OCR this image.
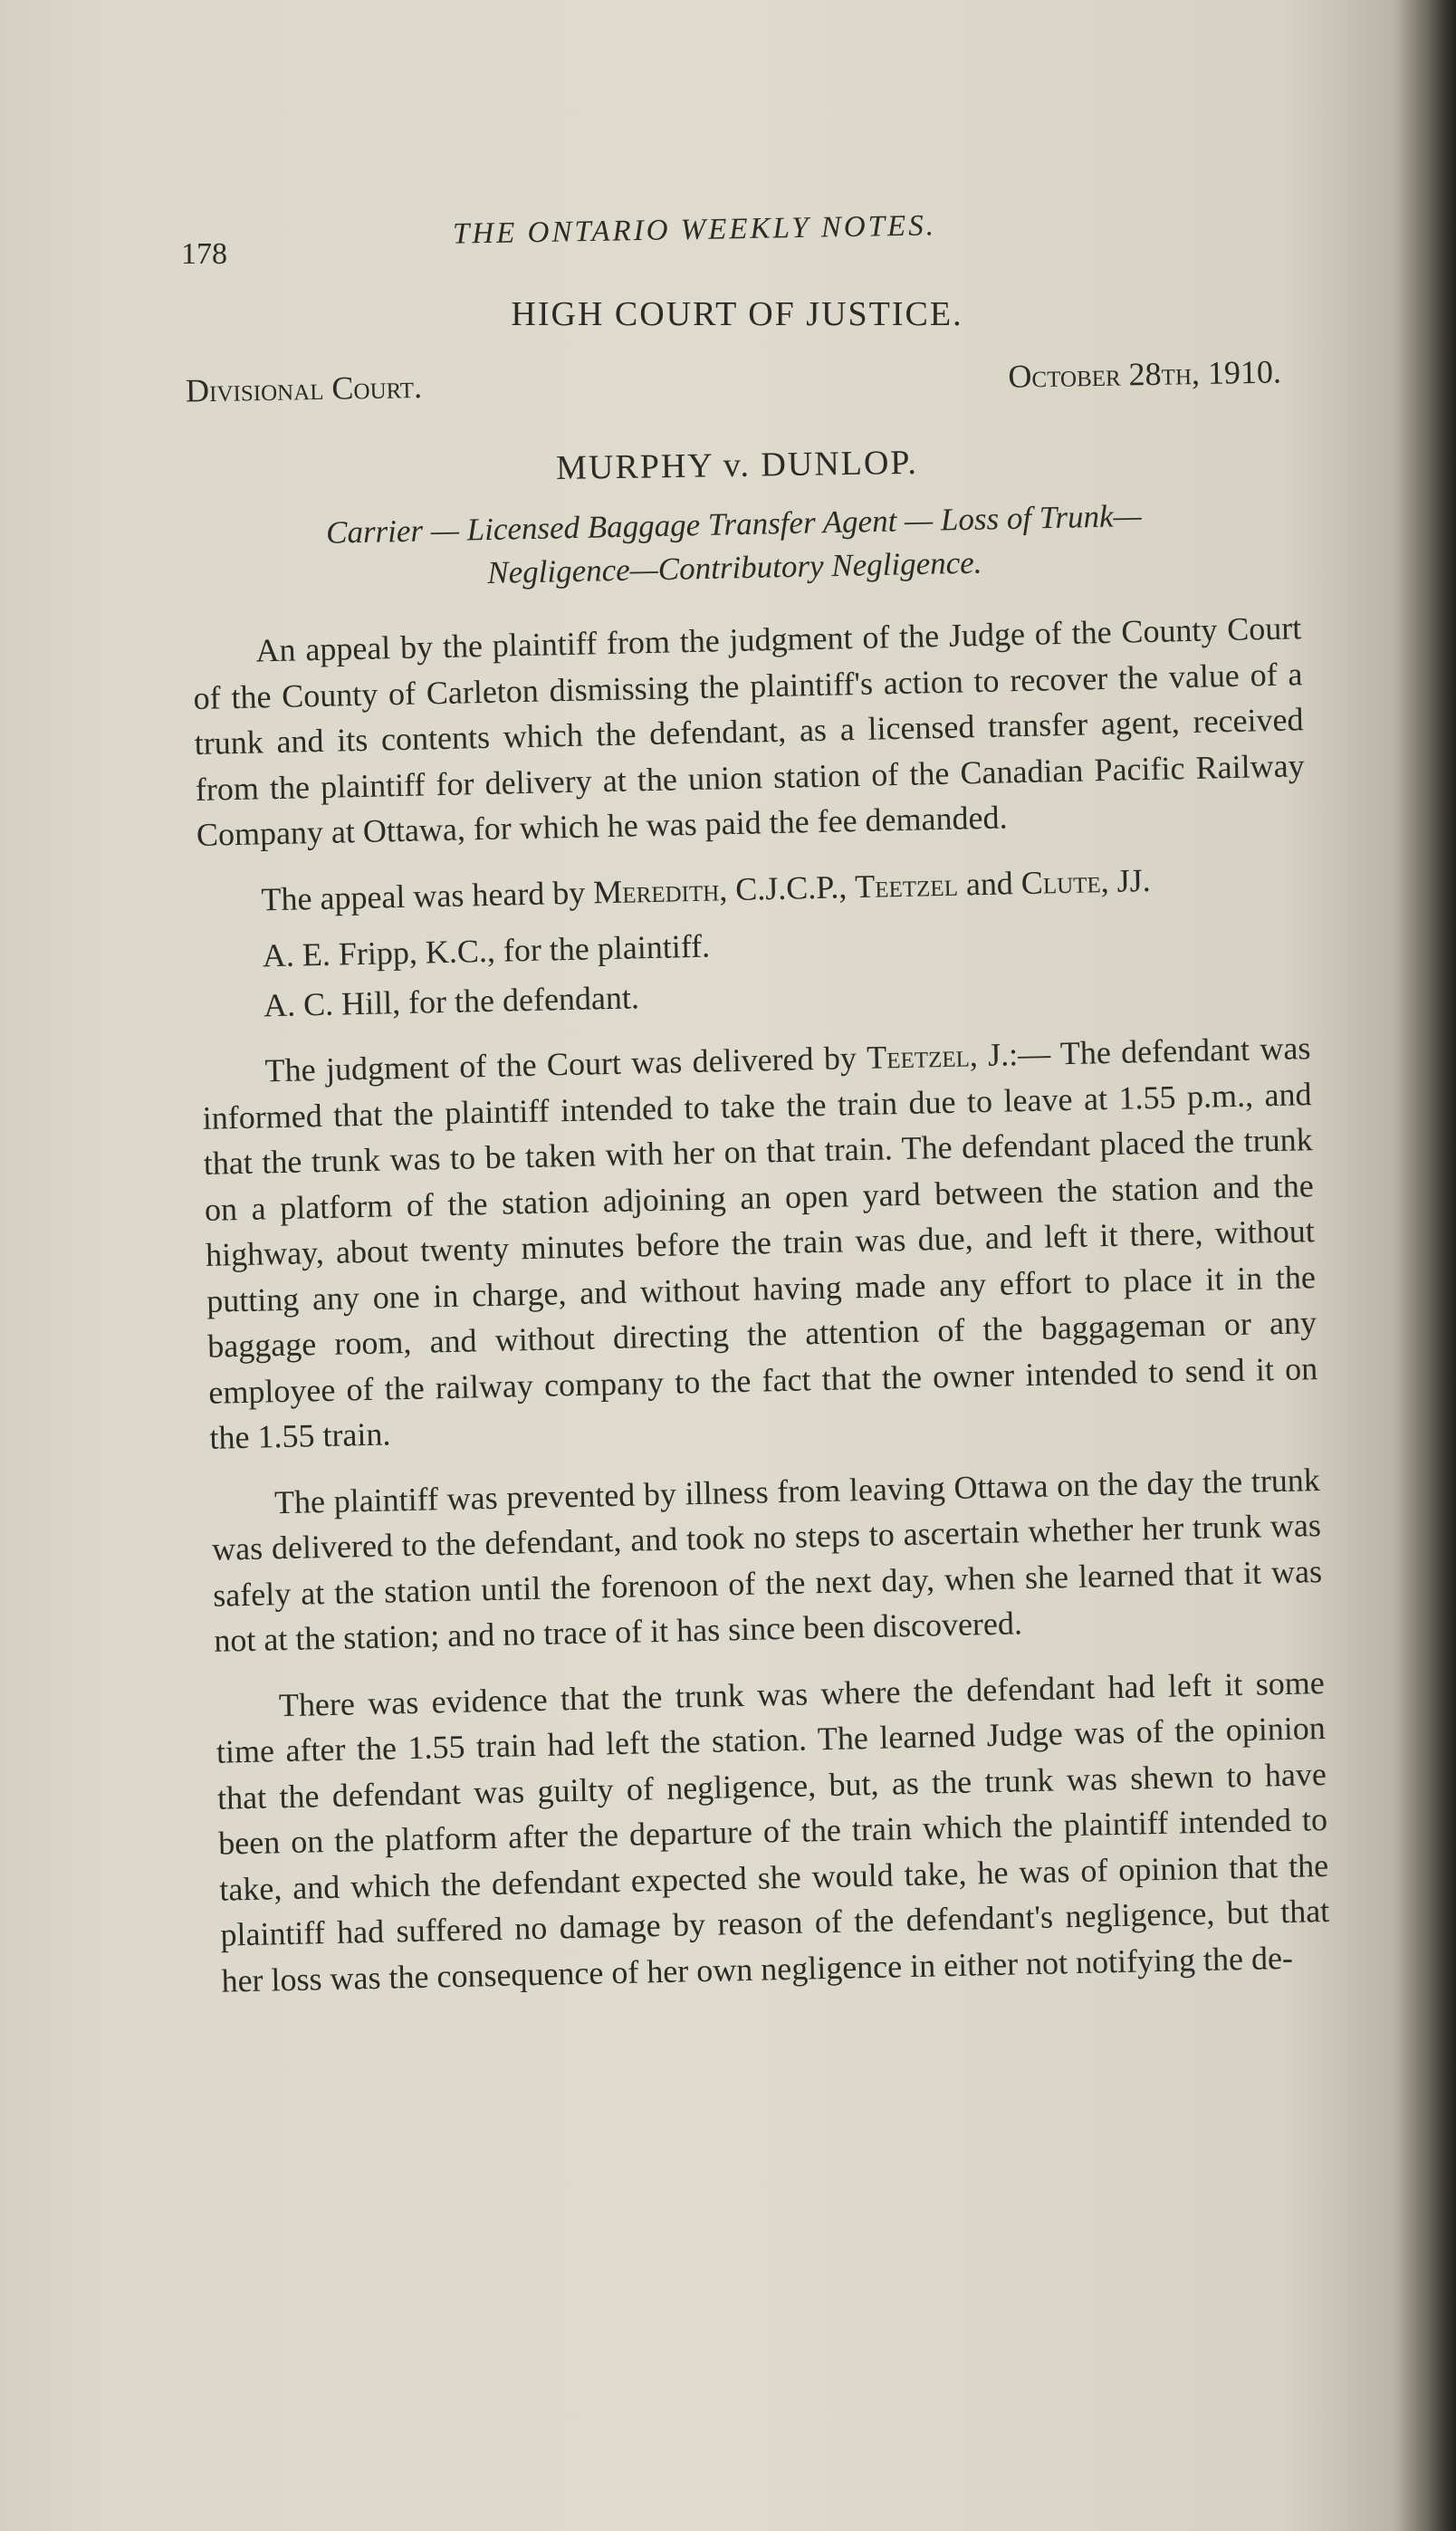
178
THE ONTARIO WEEKLY NOTES.
HIGH COURT OF JUSTICE.
Divisional Court.	October 28th, 1910.
MURPHY v. DUNLOP.
Carrier — Licensed Baggage Transfer Agent — Loss of Trunk—
Negligence—Contributory Negligence.

An appeal by the plaintiff from the judgment of the Judge of the County Court of the County of Carleton dismissing the plaintiff's action to recover the value of a trunk and its contents which the defendant, as a licensed transfer agent, received from the plaintiff for delivery at the union station of the Canadian Pacific Railway Company at Ottawa, for which he was paid the fee demanded.

The appeal was heard by Meredith, C.J.C.P., Teetzel and Clute, JJ.

A. E. Fripp, K.C., for the plaintiff.

A. C. Hill, for the defendant.

The judgment of the Court was delivered by Teetzel, J.:— The defendant was informed that the plaintiff intended to take the train due to leave at 1.55 p.m., and that the trunk was to be taken with her on that train. The defendant placed the trunk on a platform of the station adjoining an open yard between the station and the highway, about twenty minutes before the train was due, and left it there, without putting any one in charge, and without having made any effort to place it in the baggage room, and without directing the attention of the baggageman or any employee of the railway company to the fact that the owner intended to send it on the 1.55 train.

The plaintiff was prevented by illness from leaving Ottawa on the day the trunk was delivered to the defendant, and took no steps to ascertain whether her trunk was safely at the station until the forenoon of the next day, when she learned that it was not at the station; and no trace of it has since been discovered.

There was evidence that the trunk was where the defendant had left it some time after the 1.55 train had left the station. The learned Judge was of the opinion that the defendant was guilty of negligence, but, as the trunk was shewn to have been on the platform after the departure of the train which the plaintiff intended to take, and which the defendant expected she would take, he was of opinion that the plaintiff had suffered no damage by reason of the defendant's negligence, but that her loss was the consequence of her own negligence in either not notifying the de-
